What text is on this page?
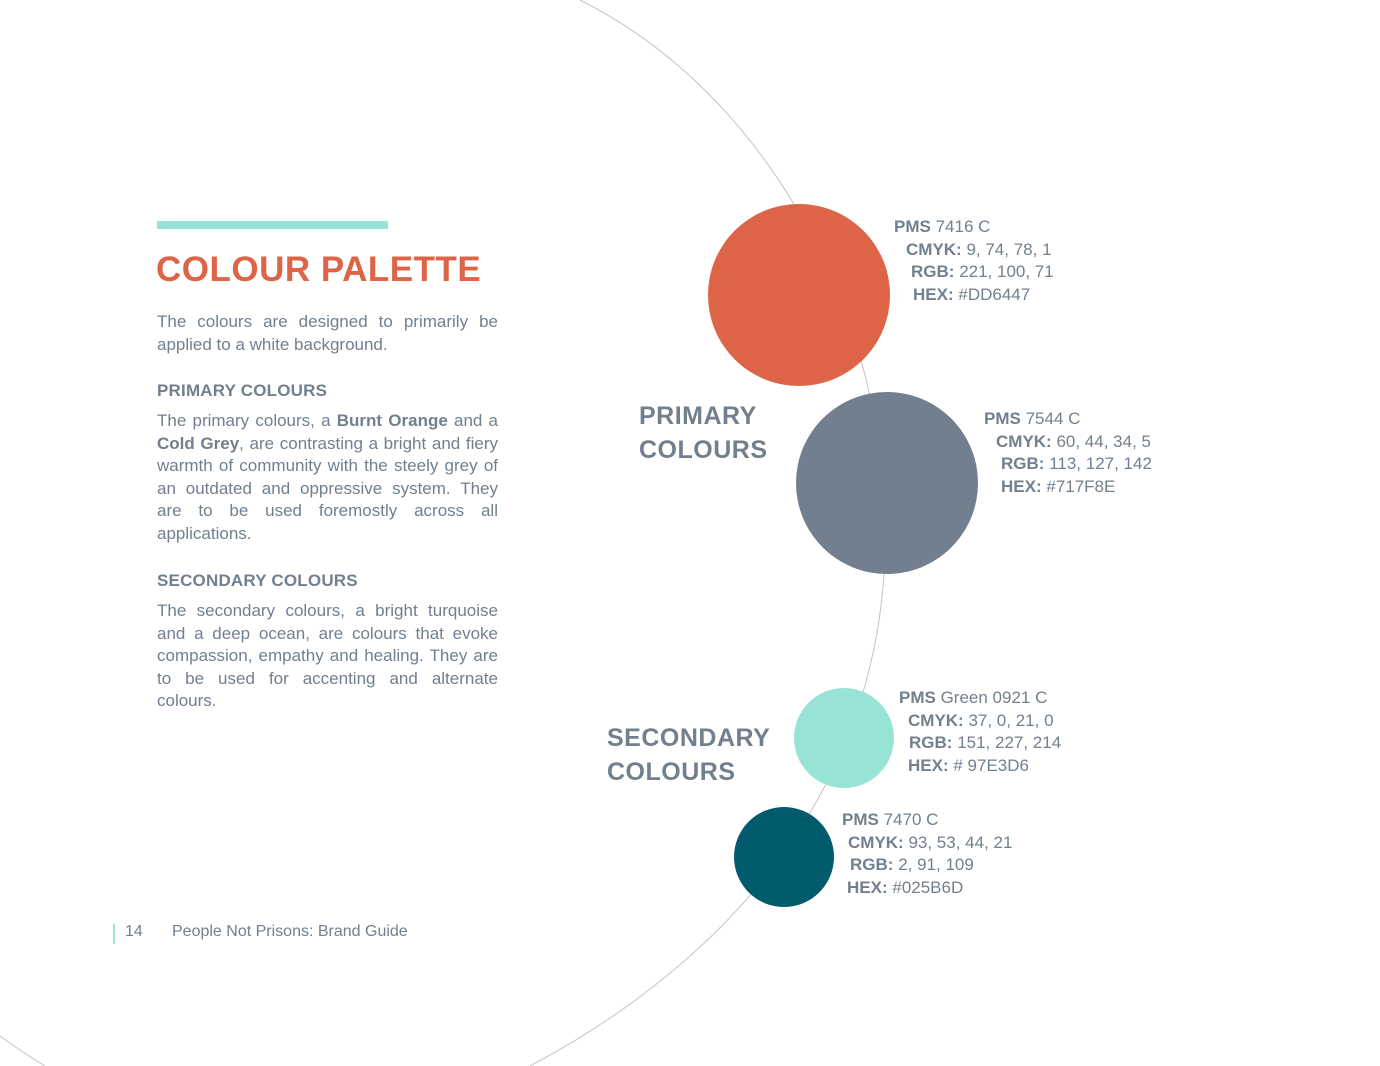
COLOUR PALETTE

The colours are designed to primarily be applied to a white background.

PRIMARY COLOURS

The primary colours, a Burnt Orange and a Cold Grey, are contrasting a bright and fiery warmth of community with the steely grey of an outdated and oppressive system. They are to be used foremostly across all applications.

SECONDARY COLOURS

The secondary colours, a bright turquoise and a deep ocean, are colours that evoke compassion, empathy and healing. They are to be used for accenting and alternate colours.

PRIMARY
COLOURS
SECONDARY
COLOURS
PMS 7416 C
CMYK: 9, 74, 78, 1
RGB: 221, 100, 71
HEX: #DD6447
PMS 7544 C
CMYK: 60, 44, 34, 5
RGB: 113, 127, 142
HEX: #717F8E
PMS Green 0921 C
CMYK: 37, 0, 21, 0
RGB: 151, 227, 214
HEX: # 97E3D6
PMS 7470 C
CMYK: 93, 53, 44, 21
RGB: 2, 91, 109
HEX: #025B6D
14 People Not Prisons: Brand Guide
